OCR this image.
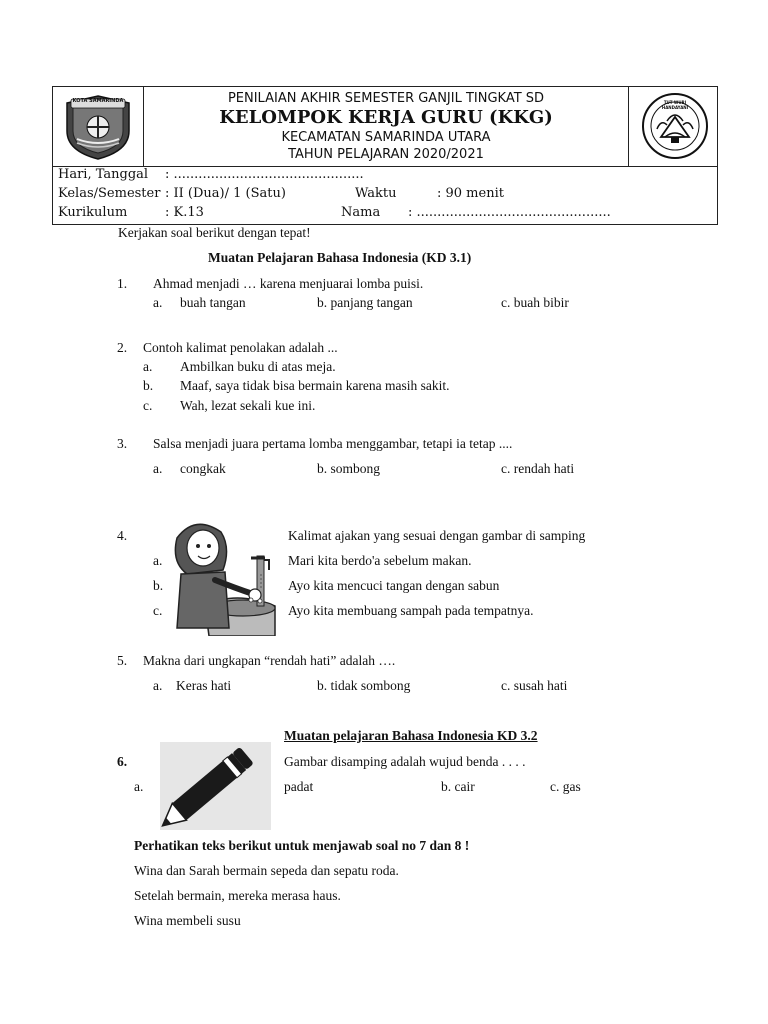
KOTA SAMARINDA	PENILAIAN AKHIR SEMESTER GANJIL TINGKAT SD
KELOMPOK KERJA GURU (KKG)
KECAMATAN SAMARINDA UTARA
TAHUN PELAJARAN 2020/2021
TUT WURI HANDAYANI
Hari, Tanggal : ..............................................
Kelas/Semester : II (Dua)/ 1 (Satu)	Waktu	: 90 menit
Kurikulum	: K.13	Nama : ...............................................
Kerjakan soal berikut dengan tepat!
Muatan Pelajaran Bahasa Indonesia (KD 3.1)
1. Ahmad menjadi … karena menjuarai lomba puisi.
a. buah tangan	b. panjang tangan	c. buah bibir
2. Contoh kalimat penolakan adalah ...
a. Ambilkan buku di atas meja.
b. Maaf, saya tidak bisa bermain karena masih sakit.
c. Wah, lezat sekali kue ini.
3. Salsa menjadi juara pertama lomba menggambar, tetapi ia tetap ....
a. congkak	b. sombong	c. rendah hati
4.	Kalimat ajakan yang sesuai dengan gambar di samping
a.	Mari kita berdo'a sebelum makan.
b.	Ayo kita mencuci tangan dengan sabun
c.	Ayo kita membuang sampah pada tempatnya.
5. Makna dari ungkapan “rendah hati” adalah ….
a. Keras hati	b. tidak sombong	c. susah hati
Muatan pelajaran Bahasa Indonesia KD 3.2
6.	Gambar disamping adalah wujud benda . . . .
a.	padat	b. cair	c. gas
Perhatikan teks berikut untuk menjawab soal no 7 dan 8 !
Wina dan Sarah bermain sepeda dan sepatu roda.
Setelah bermain, mereka merasa haus.
Wina membeli susu
